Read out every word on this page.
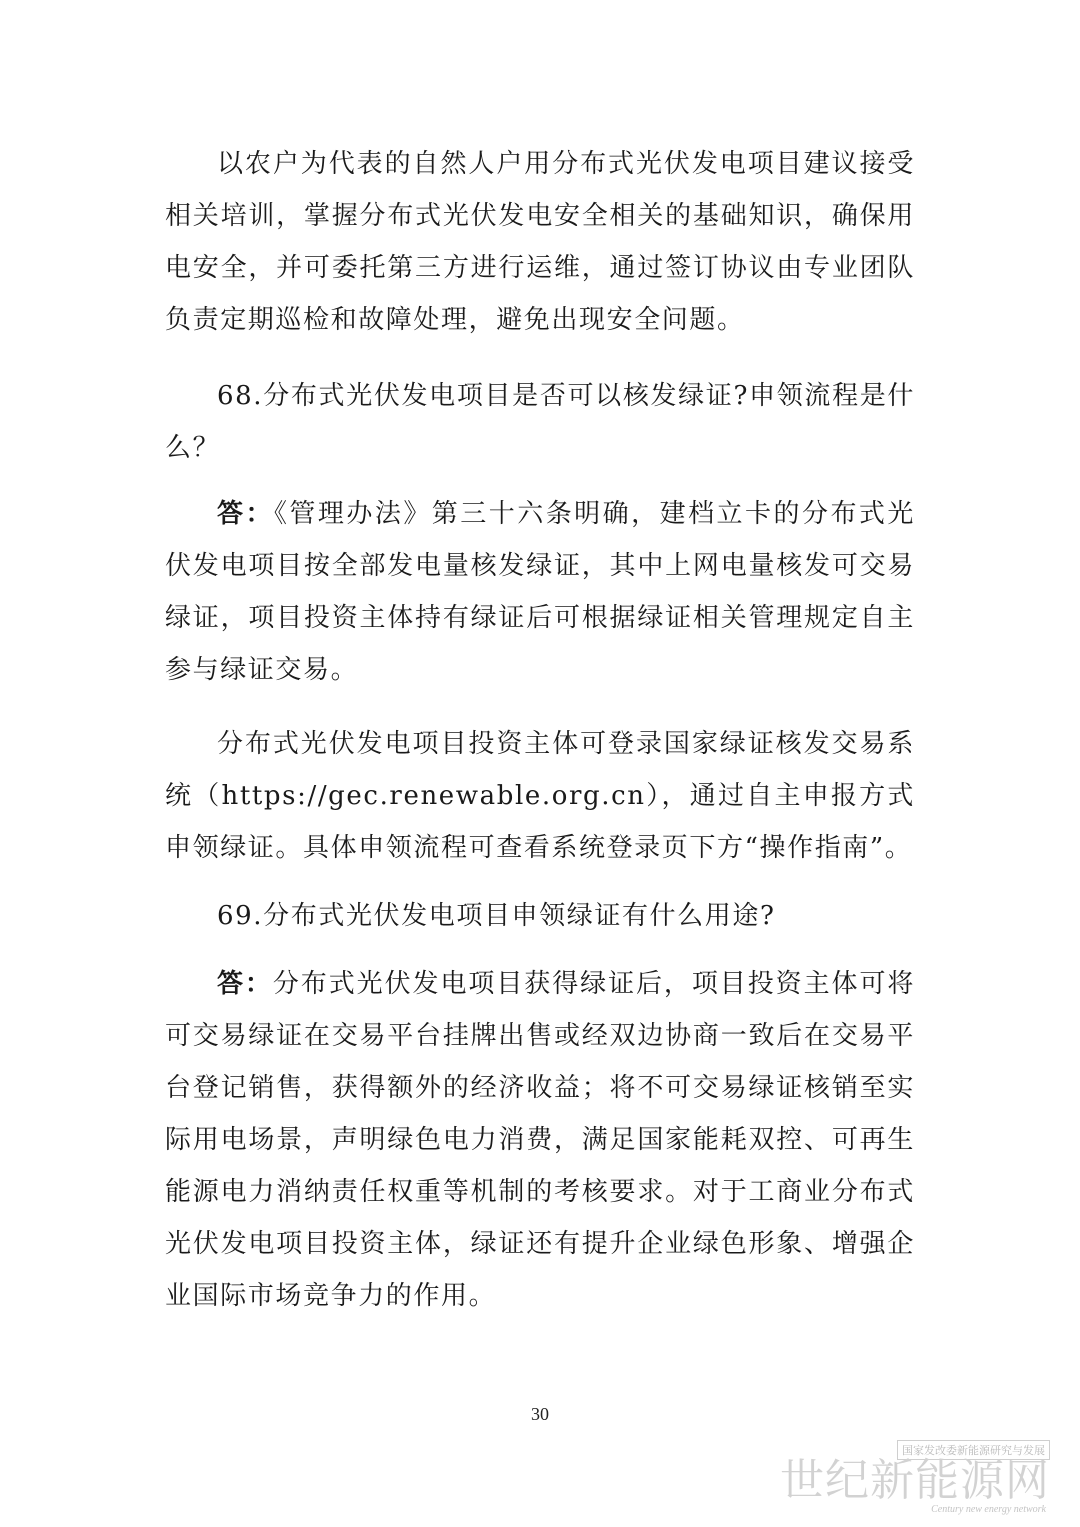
以农户为代表的自然人户用分布式光伏发电项目建议接受相关培训，掌握分布式光伏发电安全相关的基础知识，确保用电安全，并可委托第三方进行运维，通过签订协议由专业团队负责定期巡检和故障处理，避免出现安全问题。

68.分布式光伏发电项目是否可以核发绿证?申领流程是什么？

答：《管理办法》第三十六条明确，建档立卡的分布式光伏发电项目按全部发电量核发绿证，其中上网电量核发可交易绿证，项目投资主体持有绿证后可根据绿证相关管理规定自主参与绿证交易。

分布式光伏发电项目投资主体可登录国家绿证核发交易系统（https://gec.renewable.org.cn），通过自主申报方式申领绿证。具体申领流程可查看系统登录页下方“操作指南”。

69.分布式光伏发电项目申领绿证有什么用途?

答：分布式光伏发电项目获得绿证后，项目投资主体可将可交易绿证在交易平台挂牌出售或经双边协商一致后在交易平台登记销售，获得额外的经济收益；将不可交易绿证核销至实际用电场景，声明绿色电力消费，满足国家能耗双控、可再生能源电力消纳责任权重等机制的考核要求。对于工商业分布式光伏发电项目投资主体，绿证还有提升企业绿色形象、增强企业国际市场竞争力的作用。

30
国家发改委新能源研究与发展
世纪新能源网
Century new energy network
